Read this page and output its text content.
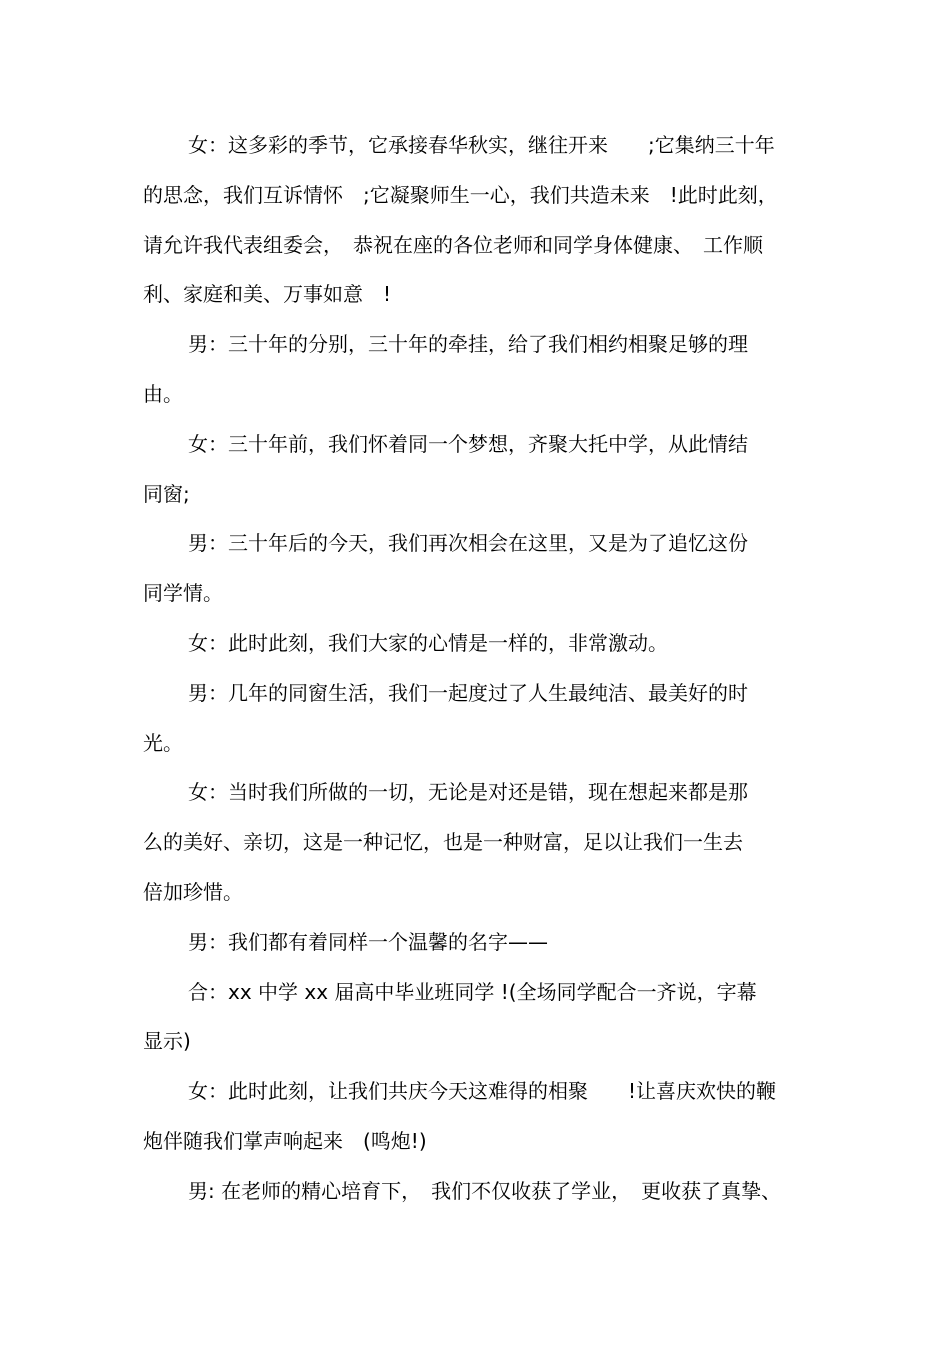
女：这多彩的季节，它承接春华秋实，继往开来　　;它集纳三十年
的思念，我们互诉情怀　;它凝聚师生一心，我们共造未来　!此时此刻，
请允许我代表组委会，　恭祝在座的各位老师和同学身体健康、　工作顺
利、家庭和美、万事如意　!
男：三十年的分别，三十年的牵挂，给了我们相约相聚足够的理
由。
女：三十年前，我们怀着同一个梦想，齐聚大托中学，从此情结
同窗;
男：三十年后的今天，我们再次相会在这里，又是为了追忆这份
同学情。
女：此时此刻，我们大家的心情是一样的，非常激动。
男：几年的同窗生活，我们一起度过了人生最纯洁、最美好的时
光。
女：当时我们所做的一切，无论是对还是错，现在想起来都是那
么的美好、亲切，这是一种记忆，也是一种财富，足以让我们一生去
倍加珍惜。
男：我们都有着同样一个温馨的名字——
合：xx 中学 xx 届高中毕业班同学 !(全场同学配合一齐说，字幕
显示)
女：此时此刻，让我们共庆今天这难得的相聚　　!让喜庆欢快的鞭
炮伴随我们掌声响起来　(鸣炮!)
男: 在老师的精心培育下，　我们不仅收获了学业，　更收获了真挚、
